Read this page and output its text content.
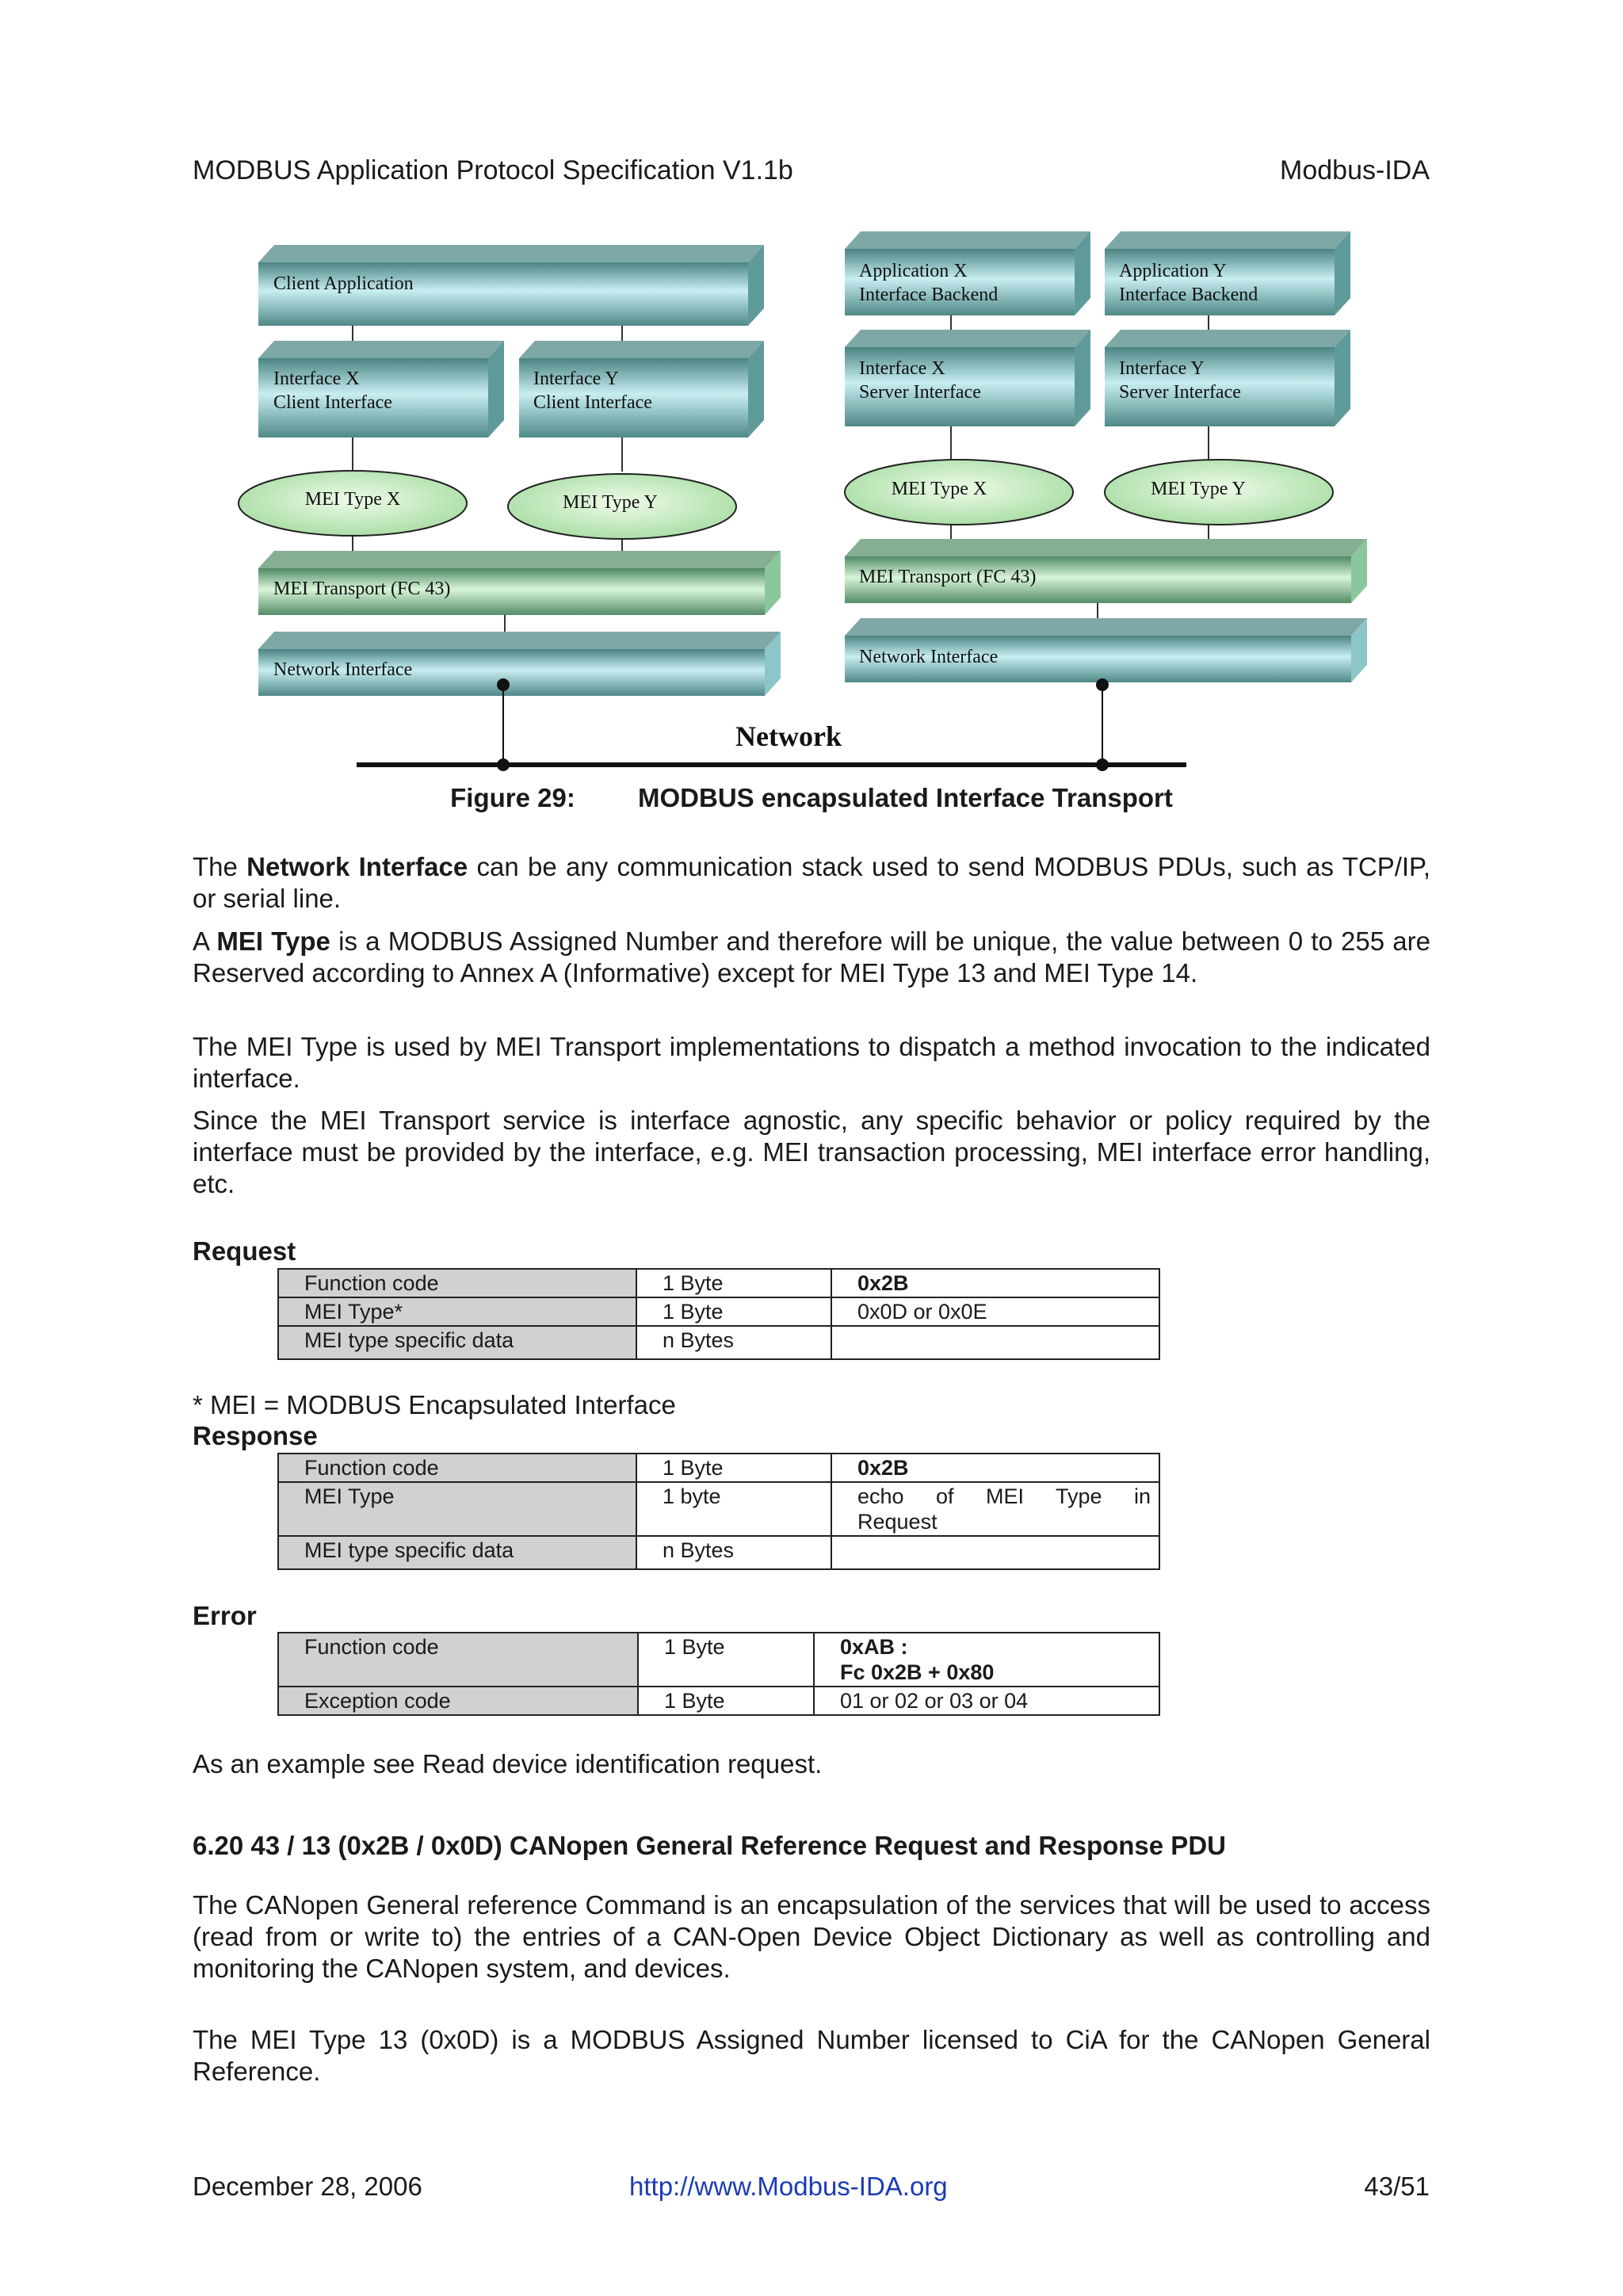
MODBUS Application Protocol Specification V1.1b	Modbus-IDA
Client Application
Interface X
Client Interface
Interface Y
Client Interface
MEI Type X	MEI Type Y
MEI Transport (FC 43)
Network Interface
Application X
Interface Backend
Application Y
Interface Backend
Interface X
Server Interface
Interface Y
Server Interface
MEI Type X	MEI Type Y
MEI Transport (FC 43)
Network Interface
Network
Figure 29: MODBUS encapsulated Interface Transport
The Network Interface can be any communication stack used to send MODBUS PDUs, such as TCP/IP, or serial line.
A MEI Type is a MODBUS Assigned Number and therefore will be unique, the value between 0 to 255 are Reserved according to Annex A (Informative) except for MEI Type 13 and MEI Type 14.
The MEI Type is used by MEI Transport implementations to dispatch a method invocation to the indicated interface.
Since the MEI Transport service is interface agnostic, any specific behavior or policy required by the interface must be provided by the interface, e.g. MEI transaction processing, MEI interface error handling, etc.
Request
Function code	1 Byte	0x2B
MEI Type*	1 Byte	0x0D or 0x0E
MEI type specific data	n Bytes	
* MEI = MODBUS Encapsulated Interface
Response
Function code	1 Byte	0x2B
MEI Type	1 byte	echo of MEI Type in Request
MEI type specific data	n Bytes	
Error
Function code	1 Byte	0xAB :
Fc 0x2B + 0x80

Exception code	1 Byte	01 or 02 or 03 or 04
As an example see Read device identification request.
6.20 43 / 13 (0x2B / 0x0D) CANopen General Reference Request and Response PDU
The CANopen General reference Command is an encapsulation of the services that will be used to access (read from or write to) the entries of a CAN-Open Device Object Dictionary as well as controlling and monitoring the CANopen system, and devices.
The MEI Type 13 (0x0D) is a MODBUS Assigned Number licensed to CiA for the CANopen General Reference.
December 28, 2006	http://www.Modbus-IDA.org	43/51
